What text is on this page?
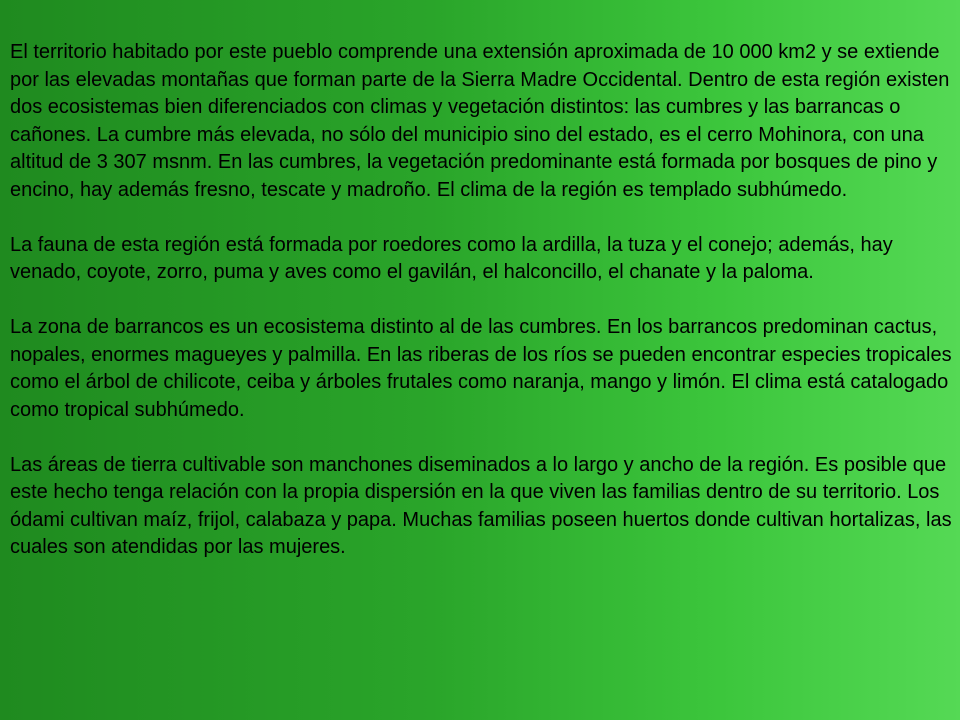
El territorio habitado por este pueblo comprende una extensión aproximada de 10 000 km2 y se extiende por las elevadas montañas que forman parte de la Sierra Madre Occidental. Dentro de esta región existen dos ecosistemas bien diferenciados con climas y vegetación distintos: las cumbres y las barrancas o cañones. La cumbre más elevada, no sólo del municipio sino del estado, es el cerro Mohinora, con una altitud de 3 307 msnm. En las cumbres, la vegetación predominante está formada por bosques de pino y encino, hay además fresno, tescate y madroño. El clima de la región es templado subhúmedo.

La fauna de esta región está formada por roedores como la ardilla, la tuza y el conejo; además, hay venado, coyote, zorro, puma y aves como el gavilán, el halconcillo, el chanate y la paloma.

La zona de barrancos es un ecosistema distinto al de las cumbres. En los barrancos predominan cactus, nopales, enormes magueyes y palmilla. En las riberas de los ríos se pueden encontrar especies tropicales como el árbol de chilicote, ceiba y árboles frutales como naranja, mango y limón. El clima está catalogado como tropical subhúmedo.

Las áreas de tierra cultivable son manchones diseminados a lo largo y ancho de la región. Es posible que este hecho tenga relación con la propia dispersión en la que viven las familias dentro de su territorio. Los ódami cultivan maíz, frijol, calabaza y papa. Muchas familias poseen huertos donde cultivan hortalizas, las cuales son atendidas por las mujeres.
